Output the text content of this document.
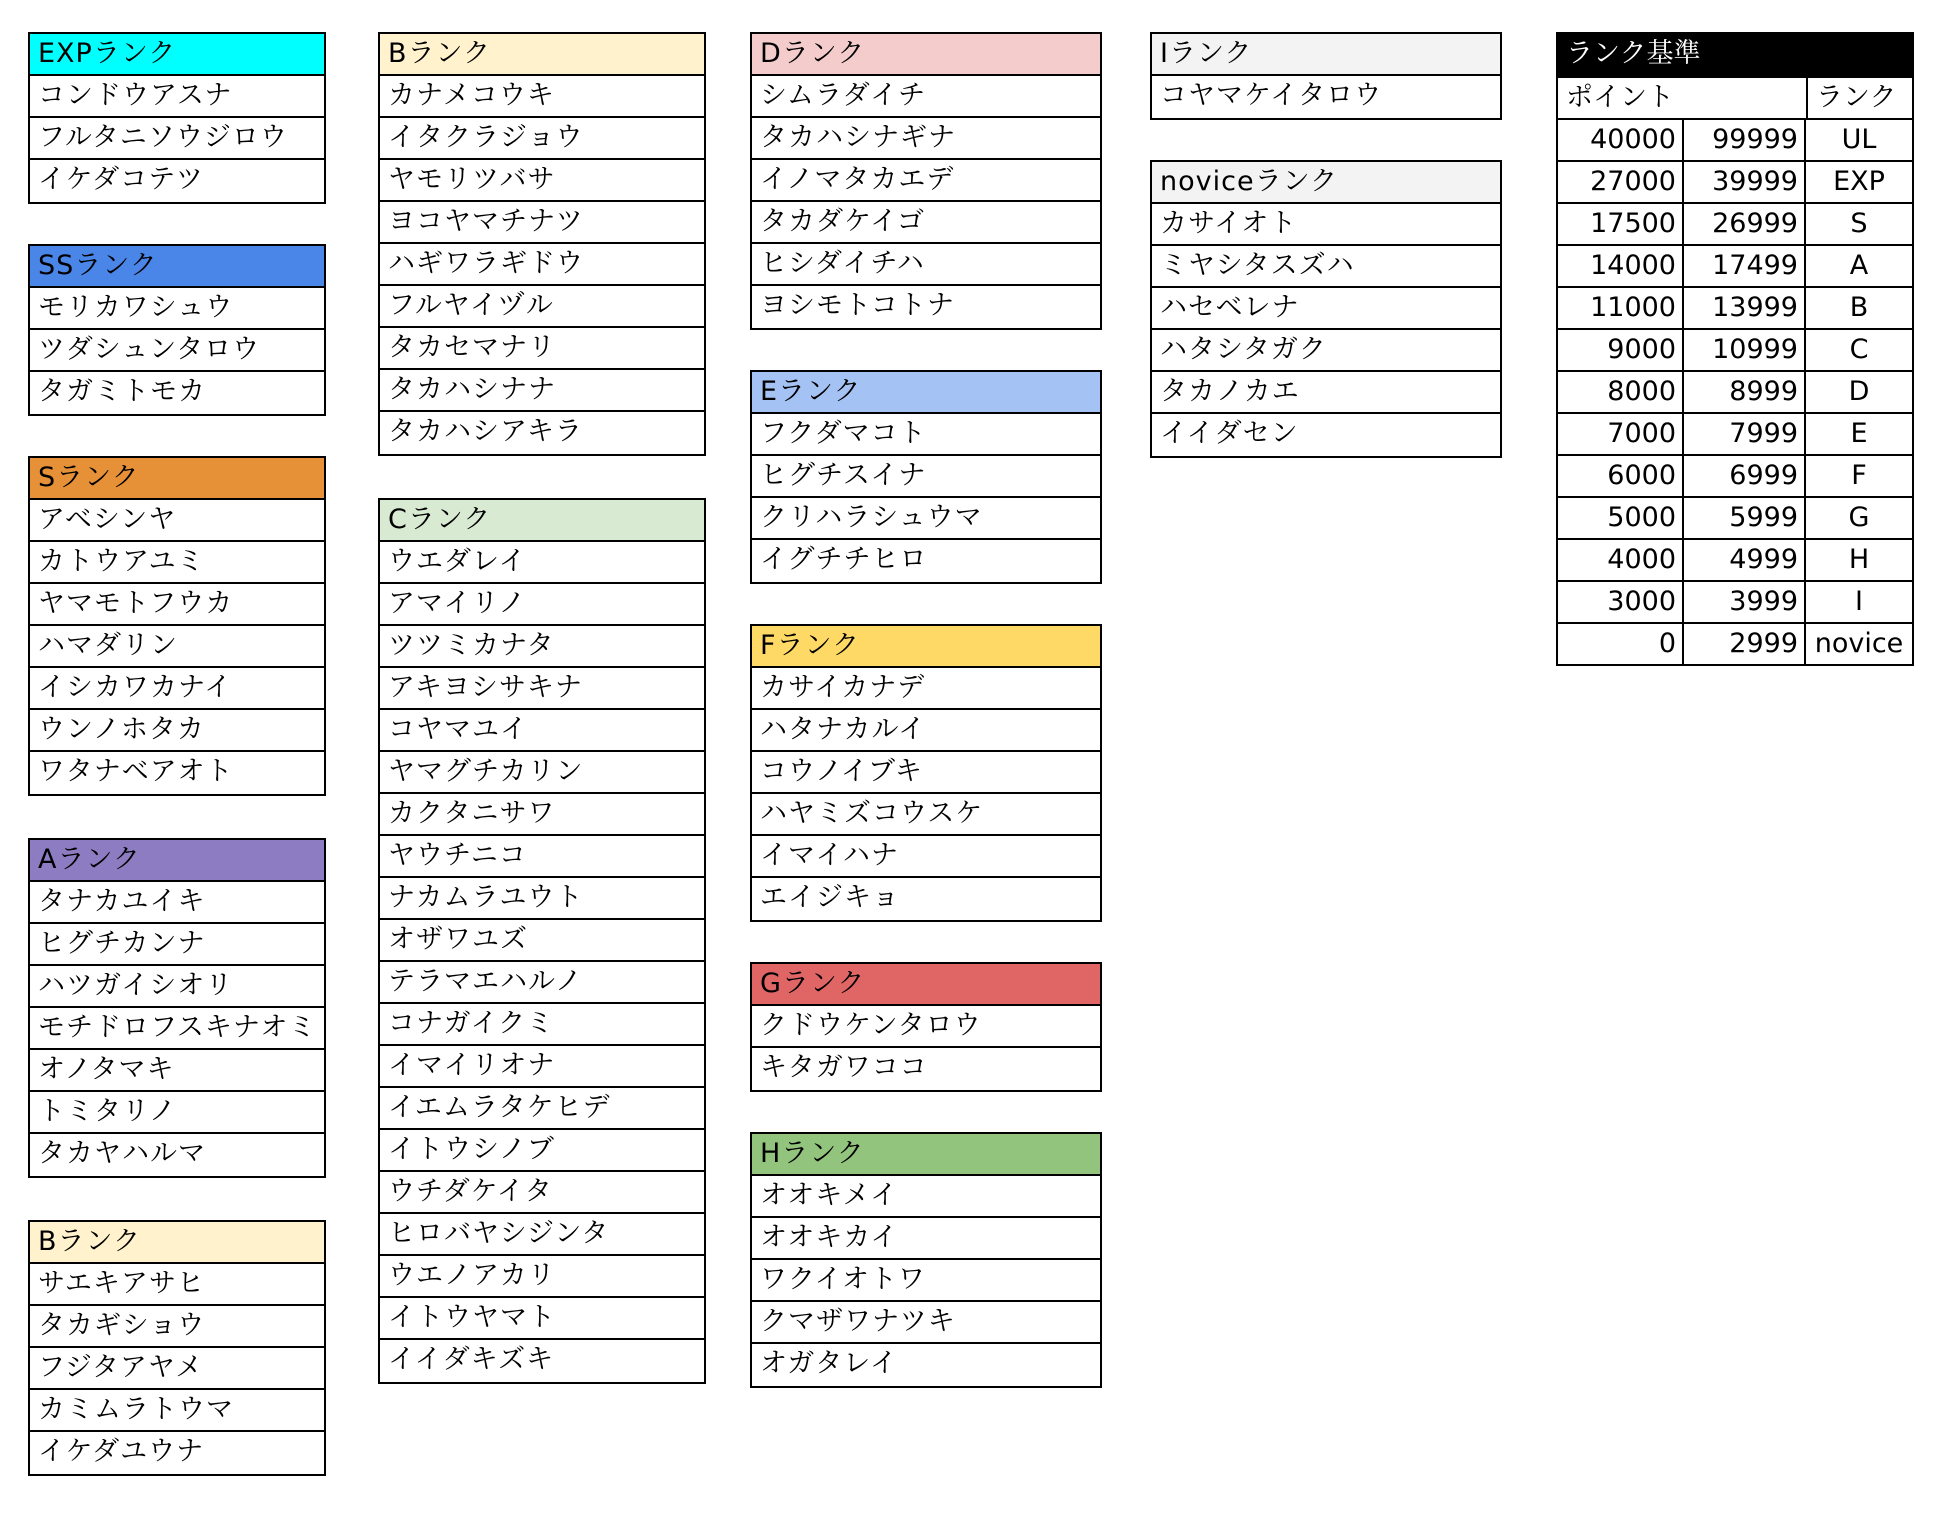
EXPランク
コンドウアスナ
フルタニソウジロウ
イケダコテツ
SSランク
モリカワシュウ
ツダシュンタロウ
タガミトモカ
Sランク
アベシンヤ
カトウアユミ
ヤマモトフウカ
ハマダリン
イシカワカナイ
ウンノホタカ
ワタナベアオト
Aランク
タナカユイキ
ヒグチカンナ
ハツガイシオリ
モチドロフスキナオミ
オノタマキ
トミタリノ
タカヤハルマ
Bランク
サエキアサヒ
タカギショウ
フジタアヤメ
カミムラトウマ
イケダユウナ
Bランク
カナメコウキ
イタクラジョウ
ヤモリツバサ
ヨコヤマチナツ
ハギワラギドウ
フルヤイヅル
タカセマナリ
タカハシナナ
タカハシアキラ
Cランク
ウエダレイ
アマイリノ
ツツミカナタ
アキヨシサキナ
コヤマユイ
ヤマグチカリン
カクタニサワ
ヤウチニコ
ナカムラユウト
オザワユズ
テラマエハルノ
コナガイクミ
イマイリオナ
イエムラタケヒデ
イトウシノブ
ウチダケイタ
ヒロバヤシジンタ
ウエノアカリ
イトウヤマト
イイダキズキ
Dランク
シムラダイチ
タカハシナギナ
イノマタカエデ
タカダケイゴ
ヒシダイチハ
ヨシモトコトナ
Eランク
フクダマコト
ヒグチスイナ
クリハラシュウマ
イグチチヒロ
Fランク
カサイカナデ
ハタナカルイ
コウノイブキ
ハヤミズコウスケ
イマイハナ
エイジキョ
Gランク
クドウケンタロウ
キタガワココ
Hランク
オオキメイ
オオキカイ
ワクイオトワ
クマザワナツキ
オガタレイ
Iランク
コヤマケイタロウ
noviceランク
カサイオト
ミヤシタスズハ
ハセベレナ
ハタシタガク
タカノカエ
イイダセン
ランク基準
ポイント	ランク
40000	99999	UL
27000	39999	EXP
17500	26999	S
14000	17499	A
11000	13999	B
9000	10999	C
8000	8999	D
7000	7999	E
6000	6999	F
5000	5999	G
4000	4999	H
3000	3999	I
0	2999 novice
